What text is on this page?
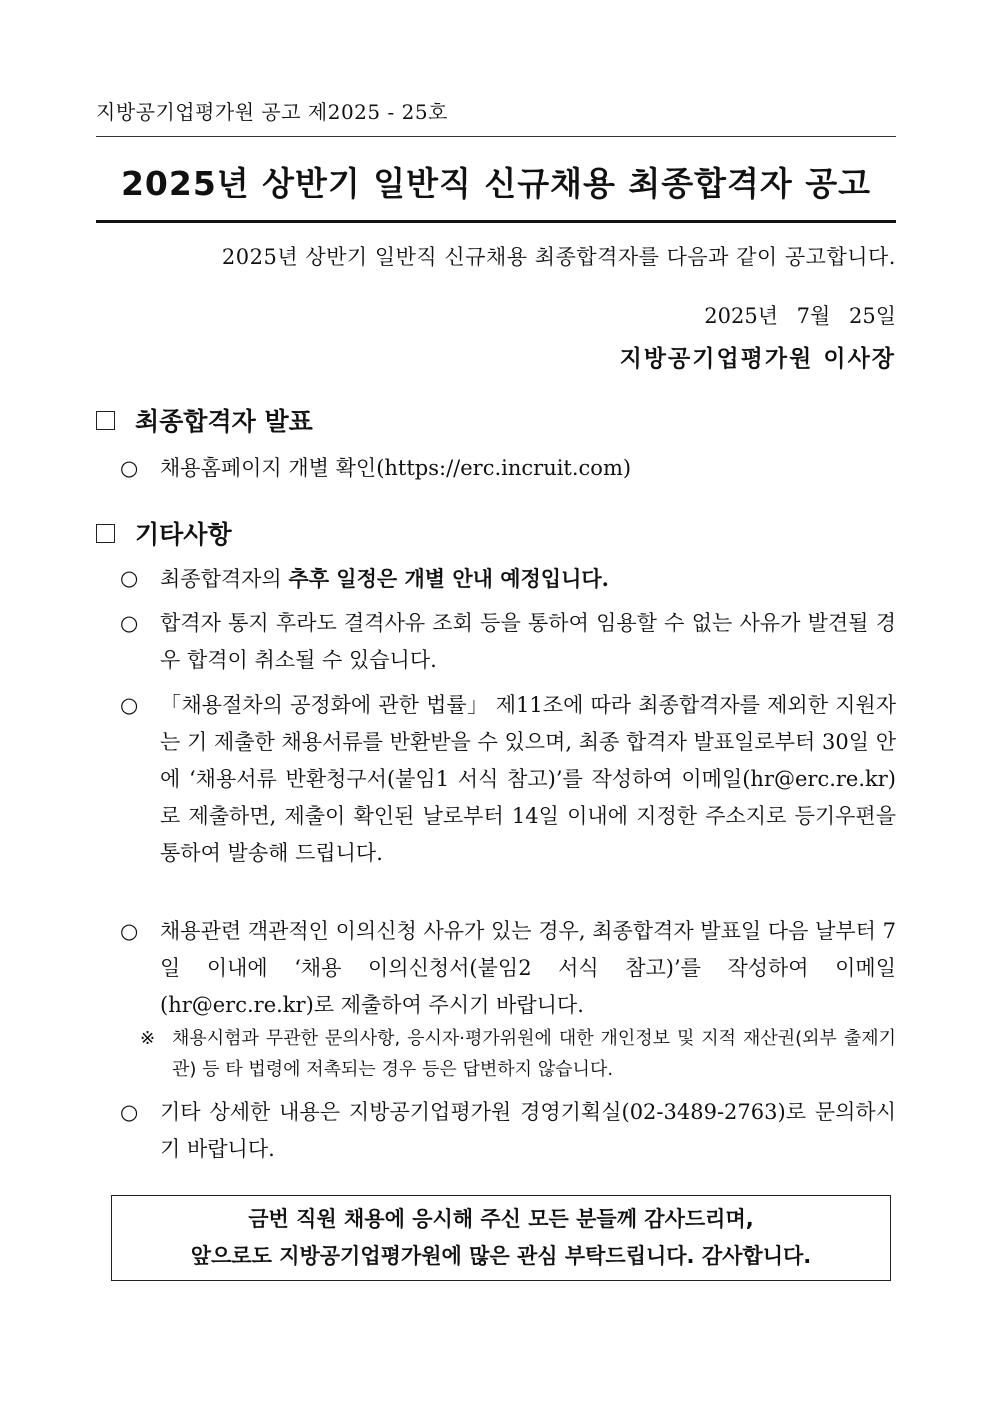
지방공기업평가원 공고 제2025 - 25호
2025년 상반기 일반직 신규채용 최종합격자 공고
2025년 상반기 일반직 신규채용 최종합격자를 다음과 같이 공고합니다.
2025년 7월 25일
지방공기업평가원 이사장
최종합격자 발표
○	채용홈페이지 개별 확인(https://erc.incruit.com)
기타사항
○	최종합격자의 추후 일정은 개별 안내 예정입니다.
○	합격자 통지 후라도 결격사유 조회 등을 통하여 임용할 수 없는 사유가 발견될 경우 합격이 취소될 수 있습니다.
○	「채용절차의 공정화에 관한 법률」 제11조에 따라 최종합격자를 제외한 지원자는 기 제출한 채용서류를 반환받을 수 있으며, 최종 합격자 발표일로부터 30일 안에 ‘채용서류 반환청구서(붙임1 서식 참고)’를 작성하여 이메일(hr@erc.re.kr)로 제출하면, 제출이 확인된 날로부터 14일 이내에 지정한 주소지로 등기우편을 통하여 발송해 드립니다.
○	채용관련 객관적인 이의신청 사유가 있는 경우, 최종합격자 발표일 다음 날부터 7일 이내에 ‘채용 이의신청서(붙임2 서식 참고)’를 작성하여 이메일(hr@erc.re.kr)로 제출하여 주시기 바랍니다.
※ 채용시험과 무관한 문의사항, 응시자·평가위원에 대한 개인정보 및 지적 재산권(외부 출제기관) 등 타 법령에 저촉되는 경우 등은 답변하지 않습니다.
○	기타 상세한 내용은 지방공기업평가원 경영기획실(02-3489-2763)로 문의하시기 바랍니다.
금번 직원 채용에 응시해 주신 모든 분들께 감사드리며,
앞으로도 지방공기업평가원에 많은 관심 부탁드립니다. 감사합니다.
